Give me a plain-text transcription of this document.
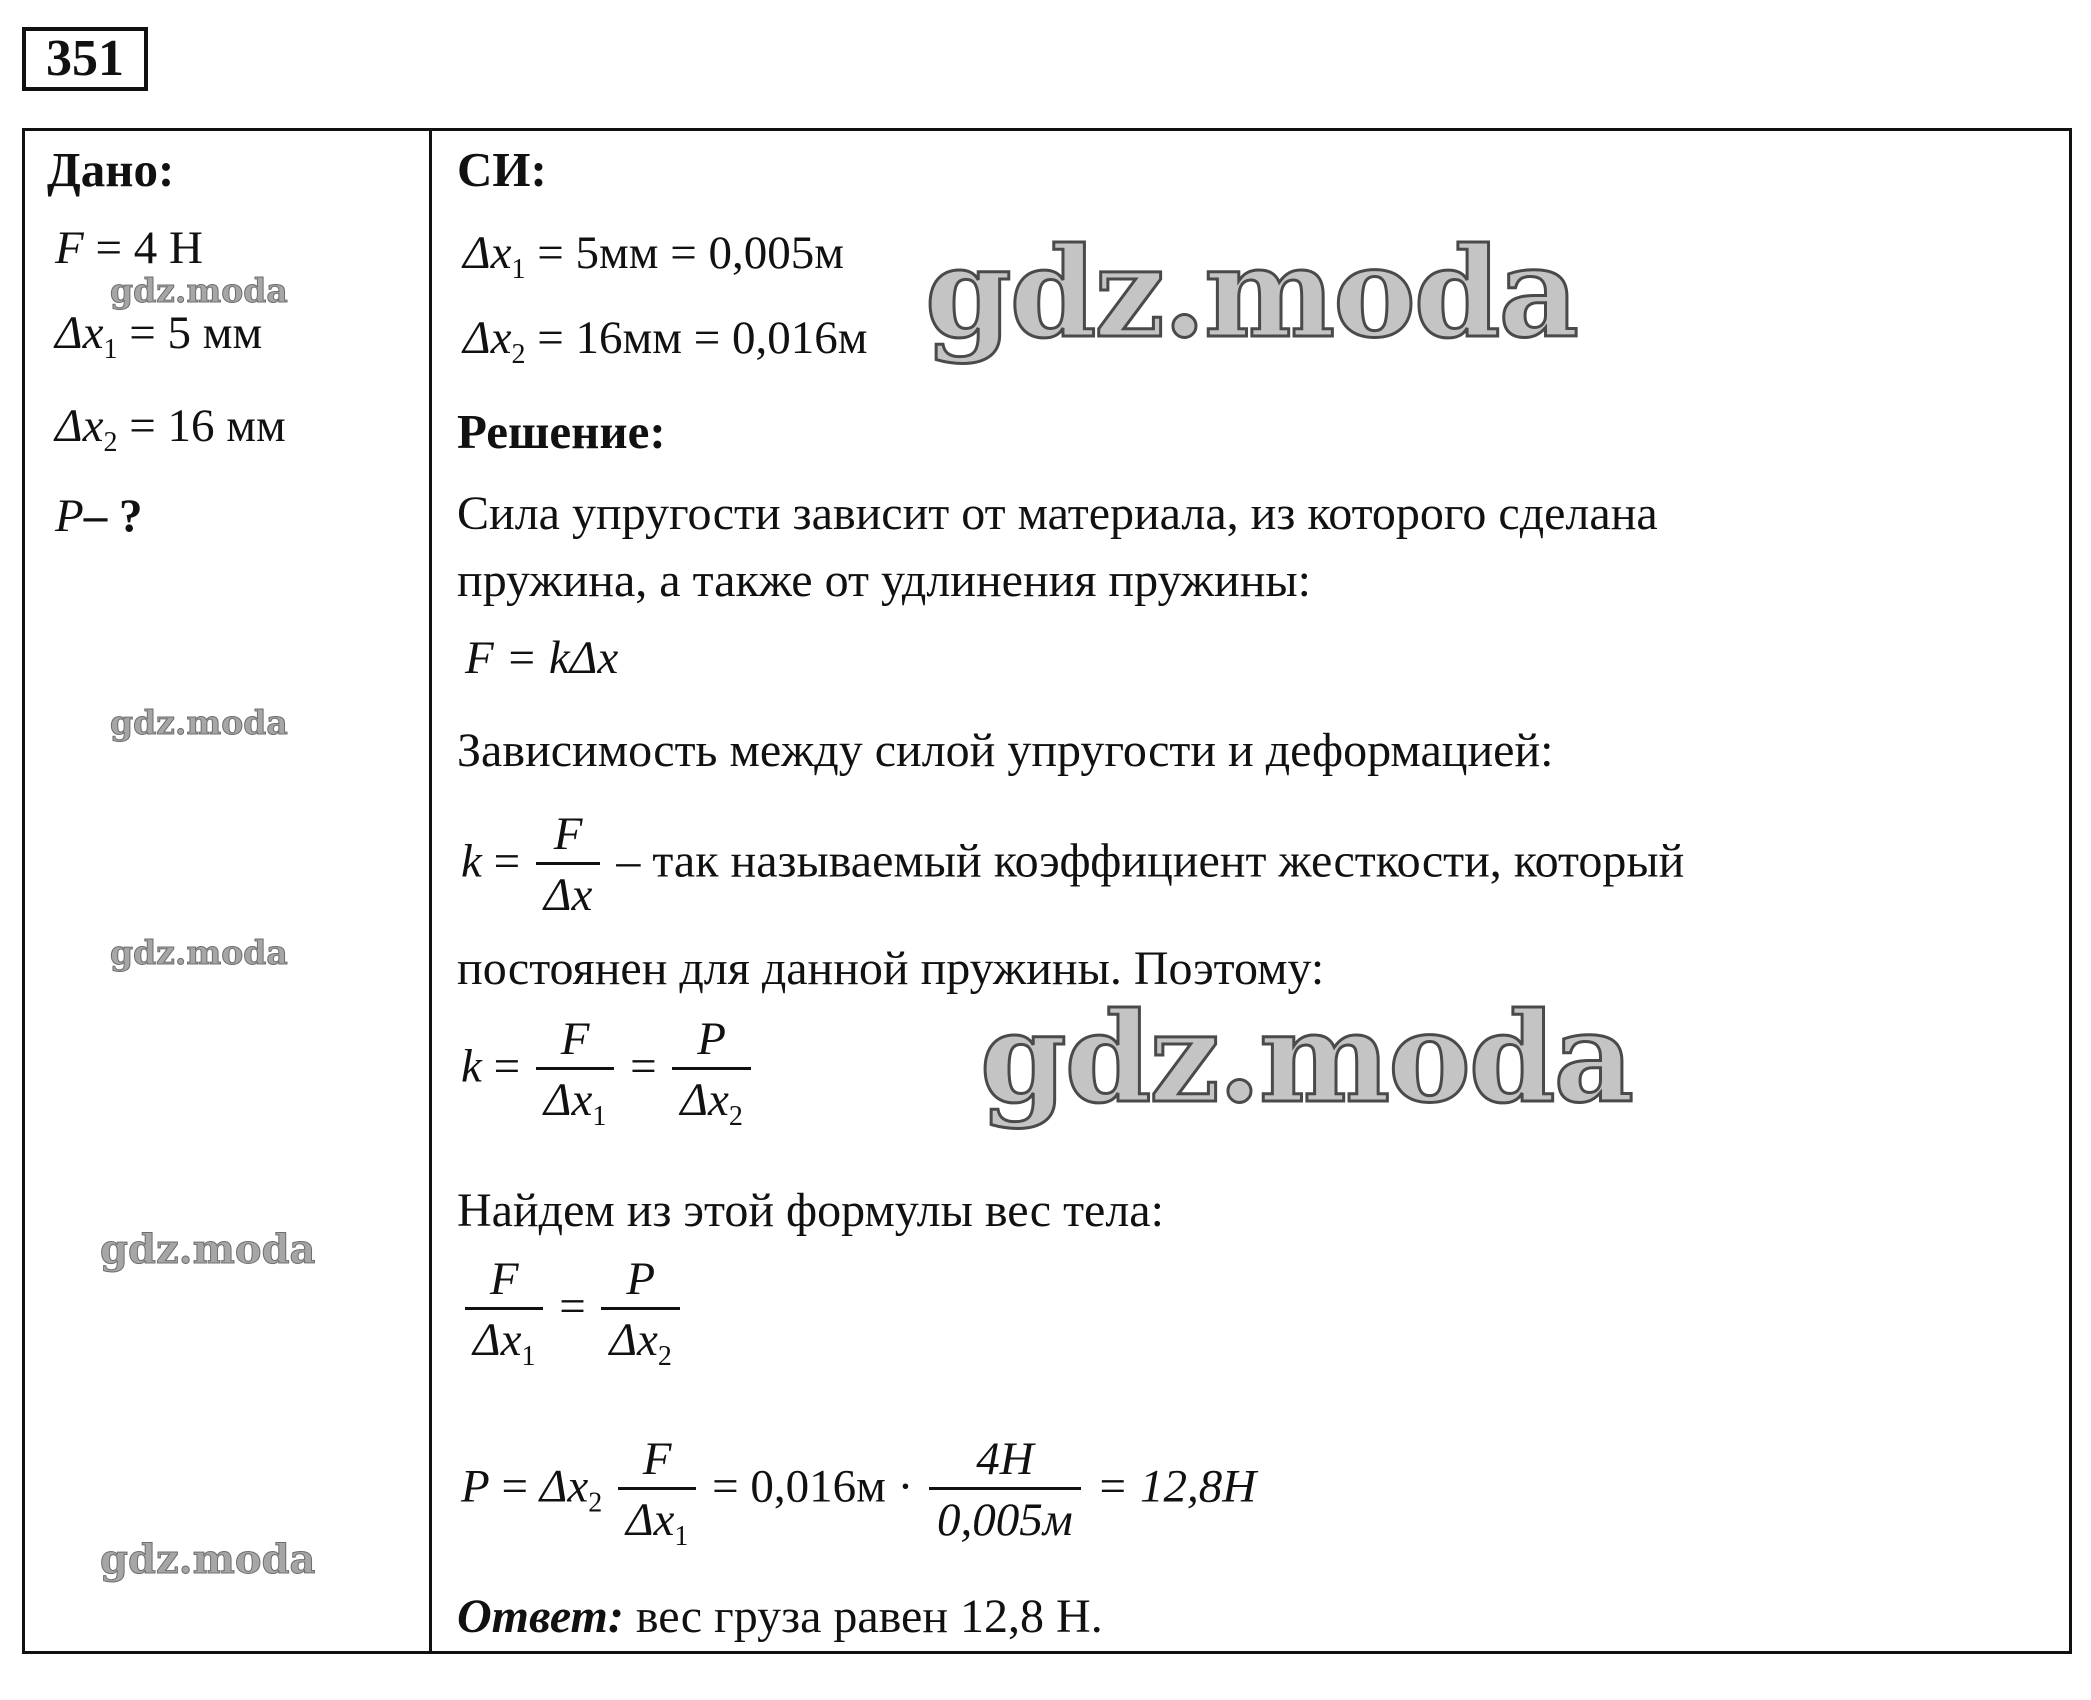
351
Дано:
F = 4 Н
$\Delta x_1 = 5$ мм
$\Delta x_2 = 16$ мм
P– ?
СИ:
$\Delta x_1 = 5мм = 0,005м$
$\Delta x_2 = 16мм = 0,016м$
Решение:
Сила упругости зависит от материала, из которого сделана
пружина, а также от удлинения пружины:
F = kΔx
Зависимость между силой упругости и деформацией:
$k = \frac{F}{\Delta x}$ – так называемый коэффициент жесткости, который
постоянен для данной пружины. Поэтому:
$k = \frac{F}{\Delta x_1} = \frac{P}{\Delta x_2}$
Найдем из этой формулы вес тела:
$\frac{F}{\Delta x_1} = \frac{P}{\Delta x_2}$
$P = \Delta x_2 \frac{F}{\Delta x_1} = 0,016м \cdot \frac{4Н}{0,005м} = 12,8Н$
Ответ: вес груза равен 12,8 Н.
gdz.moda
gdz.moda
gdz.moda
gdz.moda
gdz.moda
gdz.moda
gdz.moda
